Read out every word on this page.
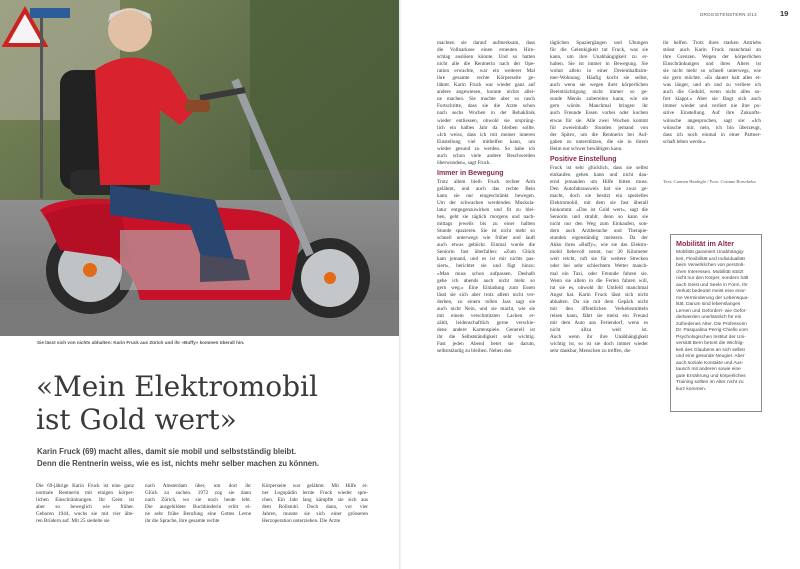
Sie lässt sich von nichts abhalten: Karin Fruck aus Zürich und ihr «Buffy» kommen überall hin.
«Mein Elektromobil
ist Gold wert»
Karin Fruck (69) macht alles, damit sie mobil und selbstständig bleibt.
Denn die Rentnerin weiss, wie es ist, nichts mehr selber machen zu können.
Die 69-jährige Karin Fruck ist eine ganz
normale Rentnerin mit einigen körper-
lichen Einschränkungen. Ihr Geist ist
aber so beweglich wie früher.
Geboren 1944, wuchs sie mit vier älte-
ren Brüdern auf. Mit 25 siedelte sie
nach Amsterdam über, um dort ihr
Glück zu suchen. 1972 zog sie dann
nach Zürich, wo sie noch heute lebt.
Die ausgebildete Buchbinderin erlitt ei-
ne sehr frühe Berufung eine Gottes Lerne
ihr die Sprache, ihre gesamte rechte
Körperseite war gelähmt. Mit Hilfe ei-
ner Logopädin lernte Fruck wieder spre-
chen. Ein Jahr lang kämpfte sie sich aus
dem Rollstuhl. Doch dann, vor vier
Jahren, musste sie sich einer grösseren
Herzoperation unterziehen. Die Ärzte
DROGISTENSTERN 3/14	19
machten sie darauf aufmerksam, dass
die Vollnarkose einen erneuten Hirn-
schlag auslösen könnte. Und so hatten
nicht alle die Rentnerin nach der Ope-
ration erwachte, war ein weiterer Mal
ihre gesamte rechte Körperseite ge-
lähmt. Karin Fruck war wieder ganz auf
andere angewiesen, konnte nichts allei-
ne machen. Sie machte aber so rasch
Fortschritte, dass sie die Ärzte schon
nach sechs Wochen in der Rehaklinik
wieder entliessen, obwohl sie ursprüng-
lich ein halbes Jahr da bleiben sollte.
«Ich weiss, dass ich mit meiner inneren
Einstellung viel mithelfen kann, um
wieder gesund zu werden. So habe ich
auch schon viele andere Beschwerden
überwunden», sagt Fruck.
Immer in Bewegung
Trotz allem bleib Fruck rechter Arm
gelähmt, und auch das rechte Bein
kann sie nur eingeschränkt bewegen.
Um der schwachen werdenden Muskula-
latur entgegenzuwirken und fit zu blei-
ben, geht sie täglich morgens und nach-
mittags jeweils bis zu einer halben
Stunde spazieren. Sie ist nicht mehr so
schnell unterwegs wie früher und lauft
auch etwas gebückt. Einmal wurde die
Seniorin fast überfallen: «Zum Glück
kam jemand, und es ist mir nichts pas-
siert», berichtet sie und fügt hinzu:
«Man muss schon aufpassen. Deshalb
gehe ich abends auch nicht mehr so
gern weg.» Eine Einladung zum Essen
lässt sie sich aber trotz allem nicht ver-
derben, zu einem tollen Jass sagt sie
auch nicht Nein, und sie macht, wie sie
mit einem verschmitzten Lachen er-
zählt, leidenschaftlich gerne verschie-
dene andere Kartenspiele. Generell ist
ihr die Selbstständigkeit sehr wichtig.
Fast jeden Abend betet sie darum,
selbstständig zu bleiben. Neben den
täglichen Spaziergängen und Übungen
für die Gelenkigkeit tut Fruck, was sie
kann, um ihre Unabhängigkeit zu er-
halten. Sie ist immer in Bewegung. Sie
wohnt allein in einer Dreieinhalbzim-
mer-Wohnung. Häufig kocht sie selbst,
auch wenn sie wegen ihrer körperlichen
Beeinträchtigung nicht immer so ge-
sunde Menüs zubereiten kann, wie sie
gern würde. Manchmal bringen ihr
auch Freunde Essen vorbei oder kochen
etwas für sie. Alle zwei Wochen kommt
für zweieinhalb Stunden jemand von
der Spitex, um die Rentnerin bei Auf-
gaben zu unterstützen, die sie in ihrem
Heim nur schwer bewältigen kann.
Positive Einstellung
Fruck ist sehr glücklich, dass sie selbst
einkaufen gehen kann und nicht dau-
ernd jemanden um Hilfe bitten muss.
Den Autofahrausweis hat sie zwar ge-
macht, doch sie besitzt ein spezielles
Elektromobil, mit dem sie fast überall
hinkommt. «Das ist Gold wert», sagt die
Seniorin und strahlt, denn so kann sie
nicht nur den Weg zum Einkaufen, son-
dern auch Arztbesuche und Therapie-
stunden eigenständig meistern. Da der
Akku ihres «Buffy», wie sie das Elektro-
mobil liebevoll nennt, nur 30 Kilometer
weit reicht, ruft sie für weitere Strecken
oder bei sehr schlechtem Wetter manch-
mal ein Taxi, oder Freunde fahren sie.
Wenn sie allein in die Ferien fahren will,
tut sie es, obwohl ihr Umfeld manchmal
Angst hat. Karin Fruck lässt sich nicht
abhalten. Da sie mit dem Gepäck nicht
mit den öffentlichen Verkehrsmitteln
reisen kann, fährt sie meist ein Freund
mit dem Auto ans Feriendorf, wenn es
nicht allzu weit ist.
Auch wenn ihr ihre Unabhängigkeit
wichtig ist, so ist sie doch immer wieder
sehr dankbar, Menschen zu treffen, die
ihr helfen. Trotz ihres starken Antriebs
stösst auch Karin Fruck manchmal an
ihre Grenzen. Wegen der körperlichen
Einschränkungen und ihres Alters ist
sie nicht mehr so schnell unterwegs, wie
sie gern möchte. «Es dauert halt alles et-
was länger, und ab und zu verliere ich
auch die Geduld, wenn nicht alles so-
fort klappt.» Aber sie fängt sich auch
immer wieder und verliert nie ihre po-
sitive Einstellung. Auf ihre Zukunfts-
wünsche angesprochen, sagt sie: «Ich
wünsche mir, nein, ich bin überzeugt,
dass ich noch einmal in einer Partner-
schaft leben werde.»
Text: Carmen Hardegle / Foto: Corinne Rotscheka
Mobilität im Alter
Mobilität garantiert Unabhängig-
keit, Flexibilität und Individualität
beim Verwirklichen von persönli-
chen Interessen. Mobilität stützt
nicht nur den Körper, sondern hält
auch Geist und Seele in Form. Ihr
Verlust bedeutet meist eine enor-
me Verminderung der Lebensqua-
lität. Darum sind lebenslanges
Lernen und Gefordert- wie Geför-
dertwerden unerlässlich für ein
zufriedenes Alter. Die Professorin
Dr. Pasqualina Perrig-Chiello vom
Psychologischen Institut der Uni-
versität Bern betont die Wichtig-
keit des Glaubens an sich selbst
und eine gesunde Neugier. Aber
auch soziale Kontakte und Aus-
tausch mit anderen sowie eine
gute Ernährung und körperliches
Training sollten im Alter nicht zu
kurz kommen.
